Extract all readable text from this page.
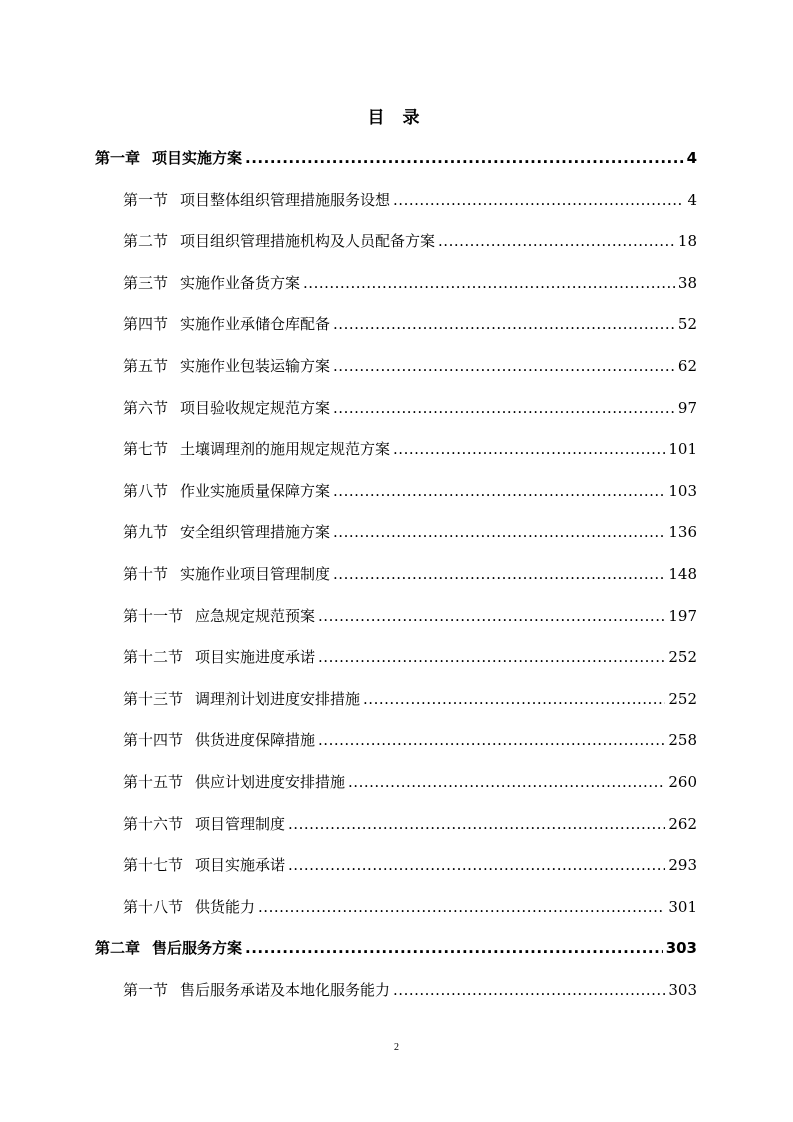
目 录
第一章 项目实施方案 .....	4
第一节 项目整体组织管理措施服务设想 .....	4
第二节 项目组织管理措施机构及人员配备方案 .....	18
第三节 实施作业备货方案 .....	38
第四节 实施作业承储仓库配备 .....	52
第五节 实施作业包装运输方案 .....	62
第六节 项目验收规定规范方案 .....	97
第七节 土壤调理剂的施用规定规范方案 .....	101
第八节 作业实施质量保障方案 .....	103
第九节 安全组织管理措施方案 .....	136
第十节 实施作业项目管理制度 .....	148
第十一节 应急规定规范预案 .....	197
第十二节 项目实施进度承诺 .....	252
第十三节 调理剂计划进度安排措施 .....	252
第十四节 供货进度保障措施 .....	258
第十五节 供应计划进度安排措施 .....	260
第十六节 项目管理制度 .....	262
第十七节 项目实施承诺 .....	293
第十八节 供货能力 .....	301
第二章 售后服务方案 .....	303
第一节 售后服务承诺及本地化服务能力 .....	303
2
